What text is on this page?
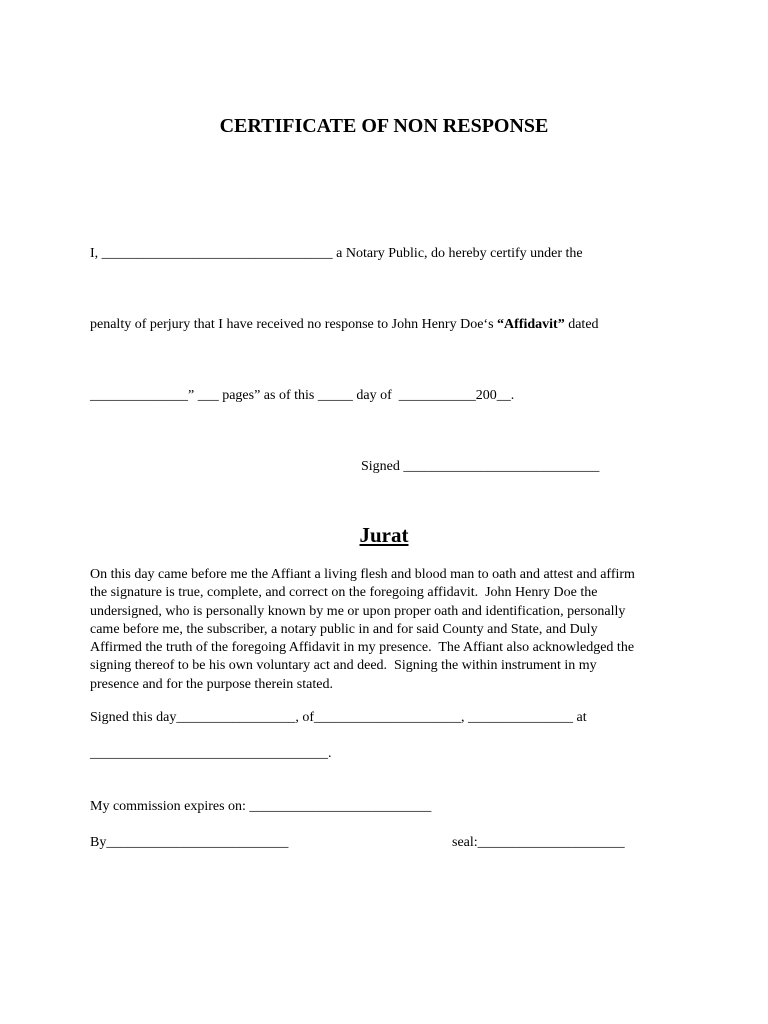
CERTIFICATE OF NON RESPONSE
I, _________________________________ a Notary Public, do hereby certify under the
penalty of perjury that I have received no response to John Henry Doe‘s “Affidavit” dated
______________” ___ pages” as of this _____ day of  ___________200__.
Signed ____________________________
Jurat
On this day came before me the Affiant a living flesh and blood man to oath and attest and affirm
the signature is true, complete, and correct on the foregoing affidavit.  John Henry Doe the
undersigned, who is personally known by me or upon proper oath and identification, personally
came before me, the subscriber, a notary public in and for said County and State, and Duly
Affirmed the truth of the foregoing Affidavit in my presence.  The Affiant also acknowledged the
signing thereof to be his own voluntary act and deed.  Signing the within instrument in my
presence and for the purpose therein stated.
Signed this day_________________, of_____________________, _______________ at
__________________________________.
My commission expires on: __________________________
By__________________________	seal:_____________________
